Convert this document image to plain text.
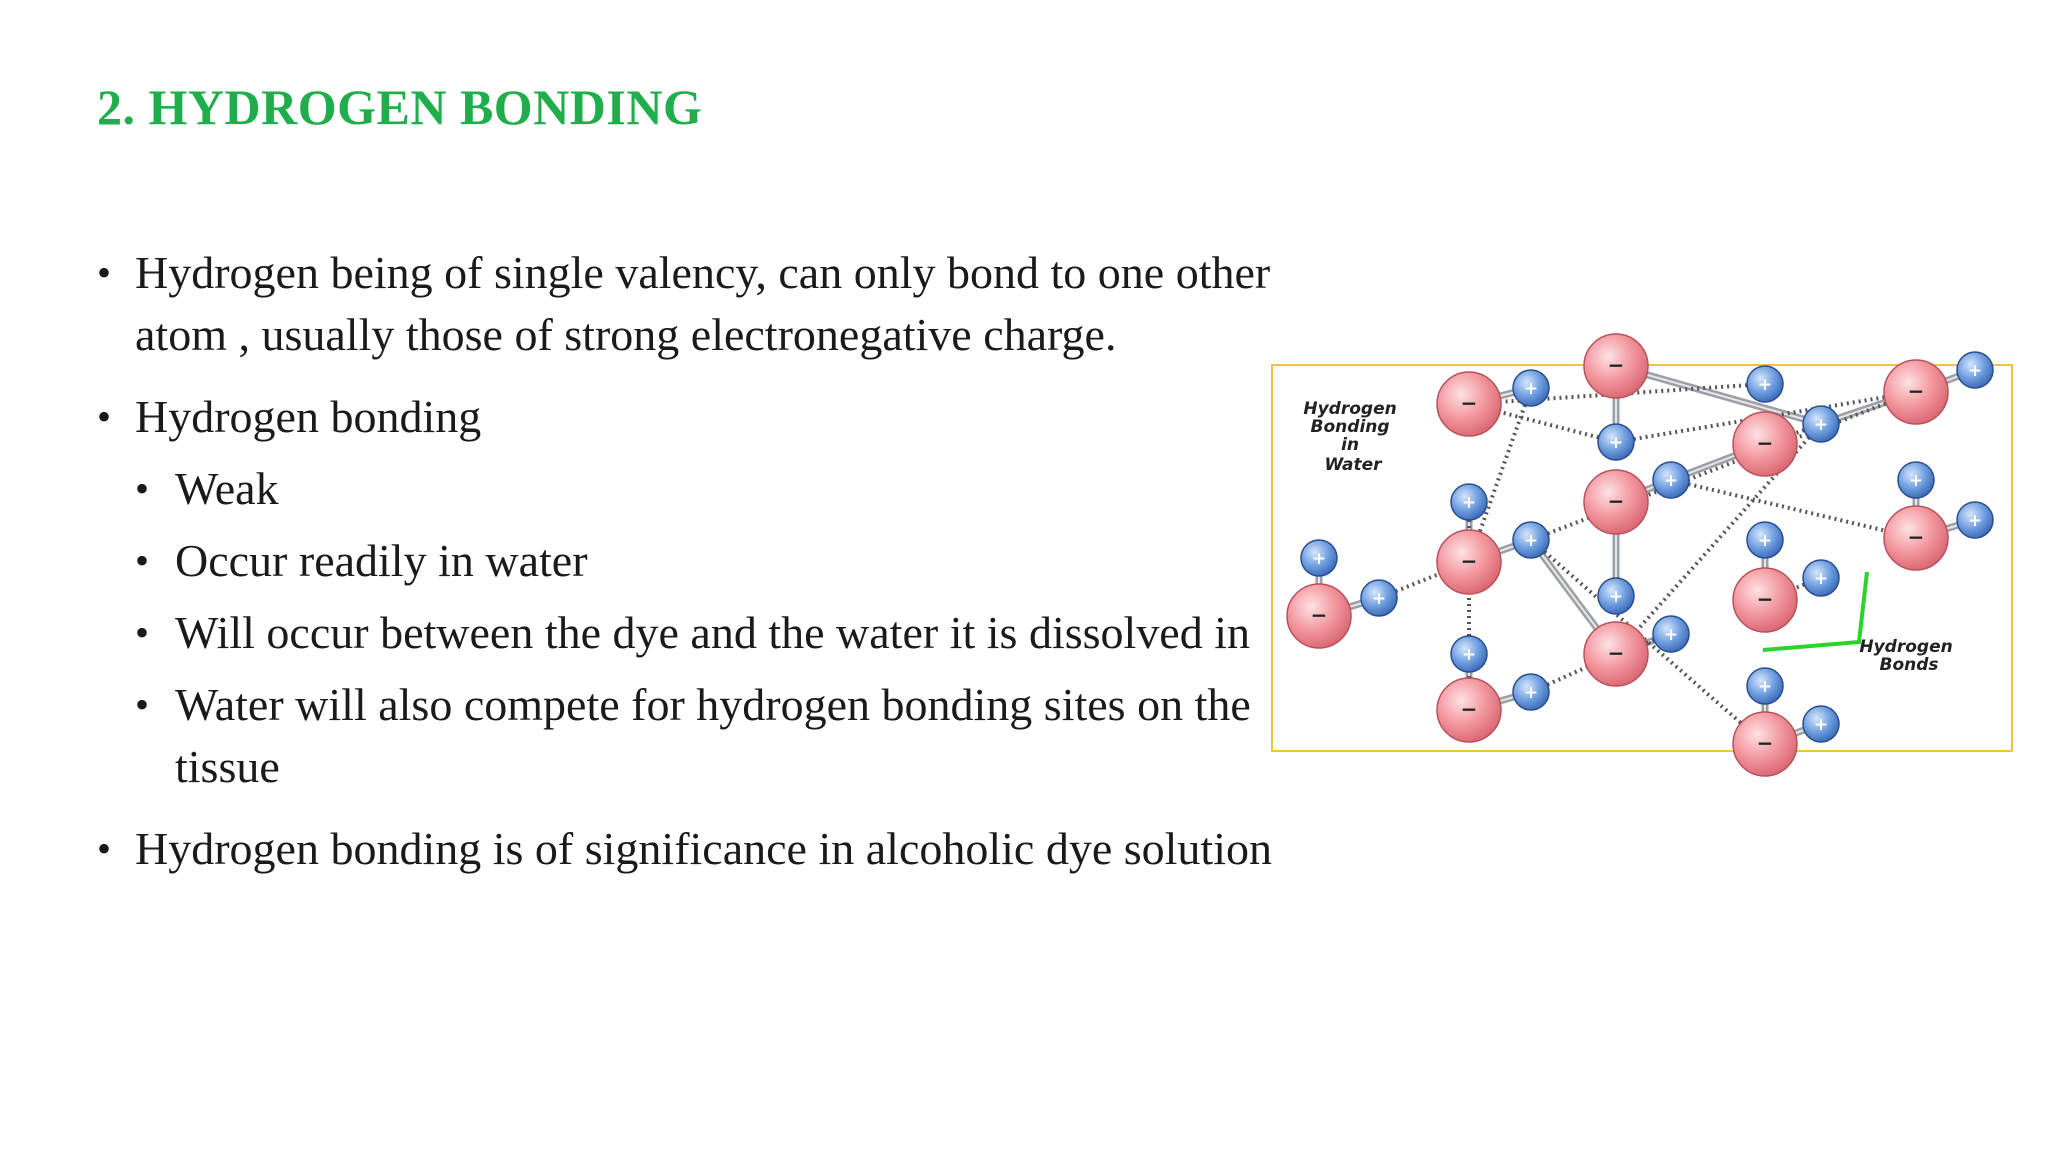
2. HYDROGEN BONDING
• Hydrogen being of single valency, can only bond to one other atom , usually those of strong electronegative charge.
• Hydrogen bonding
• Weak
• Occur readily in water
• Will occur between the dye and the water it is dissolved in
• Water will also compete for hydrogen bonding sites on the tissue
• Hydrogen bonding is of significance in alcoholic dye solution
−
−
−
−
−
−
−
−
−
−
−
−
+
+
+
+
+
+
+
+
+
+
+
+
+
+
+
+
+	+
+
+
Hydrogen Bonding in Water
Hydrogen Bonds
